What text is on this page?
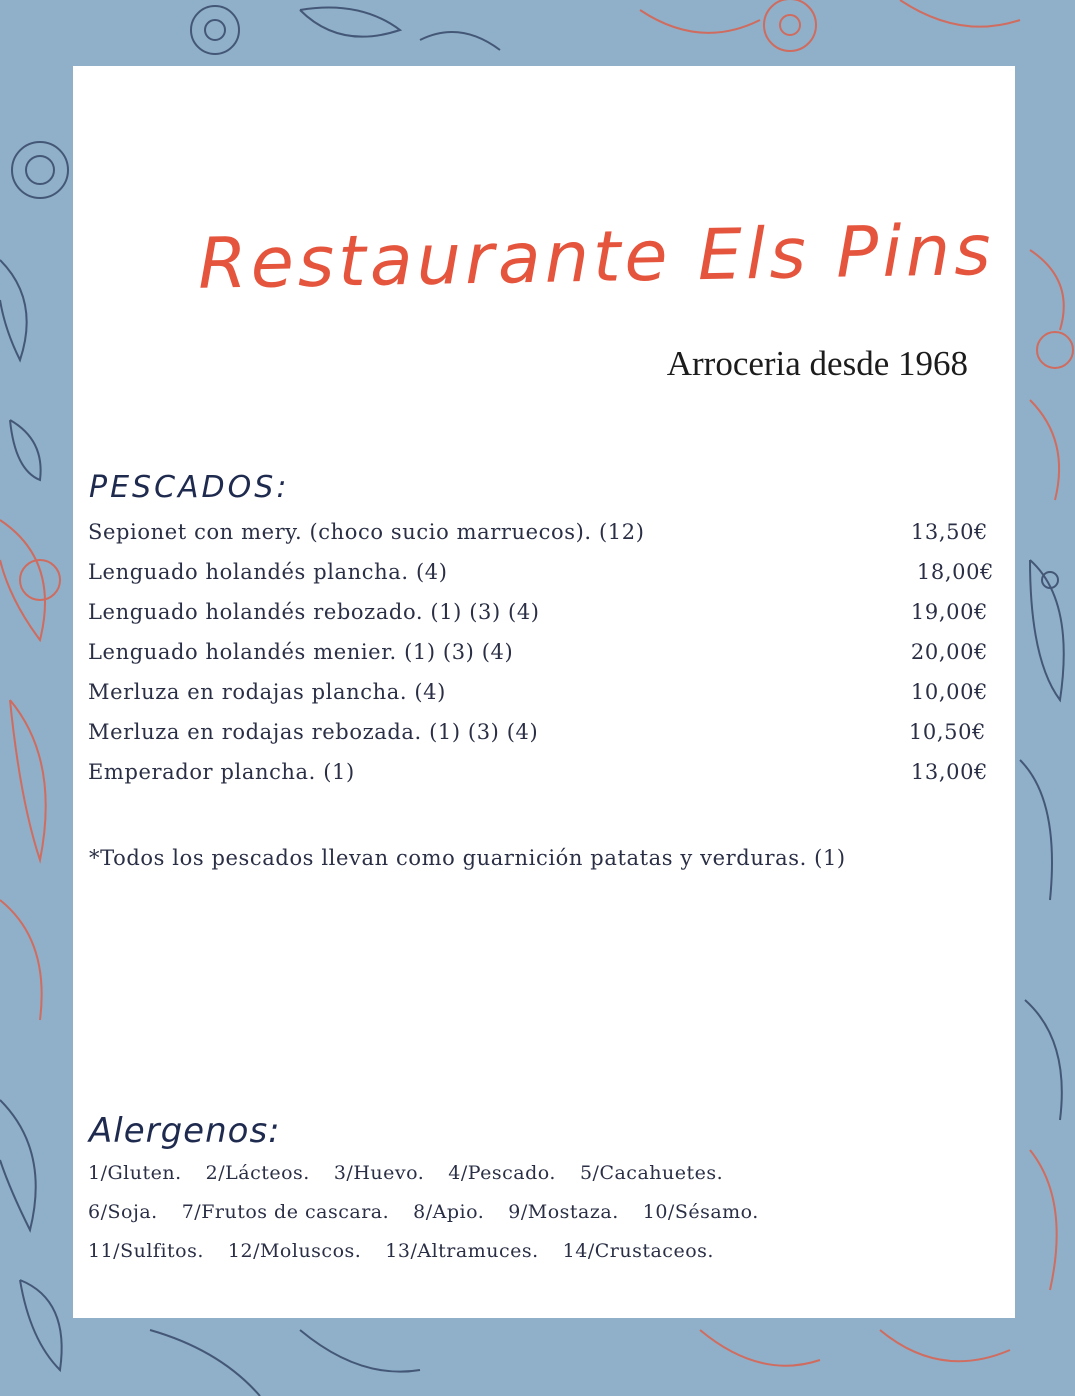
Restaurante Els Pins
Arroceria desde 1968
PESCADOS:
Sepionet con mery. (choco sucio marruecos). (12)	13,50€
Lenguado holandés plancha. (4)	18,00€
Lenguado holandés rebozado. (1) (3) (4)	19,00€
Lenguado holandés menier. (1) (3) (4)	20,00€
Merluza en rodajas plancha. (4)	10,00€
Merluza en rodajas rebozada. (1) (3) (4)	10,50€
Emperador plancha. (1)	13,00€
*Todos los pescados llevan como guarnición patatas y verduras. (1)
Alergenos:
1/Gluten. 2/Lácteos. 3/Huevo. 4/Pescado. 5/Cacahuetes.
6/Soja. 7/Frutos de cascara. 8/Apio. 9/Mostaza. 10/Sésamo.
11/Sulfitos. 12/Moluscos. 13/Altramuces. 14/Crustaceos.
